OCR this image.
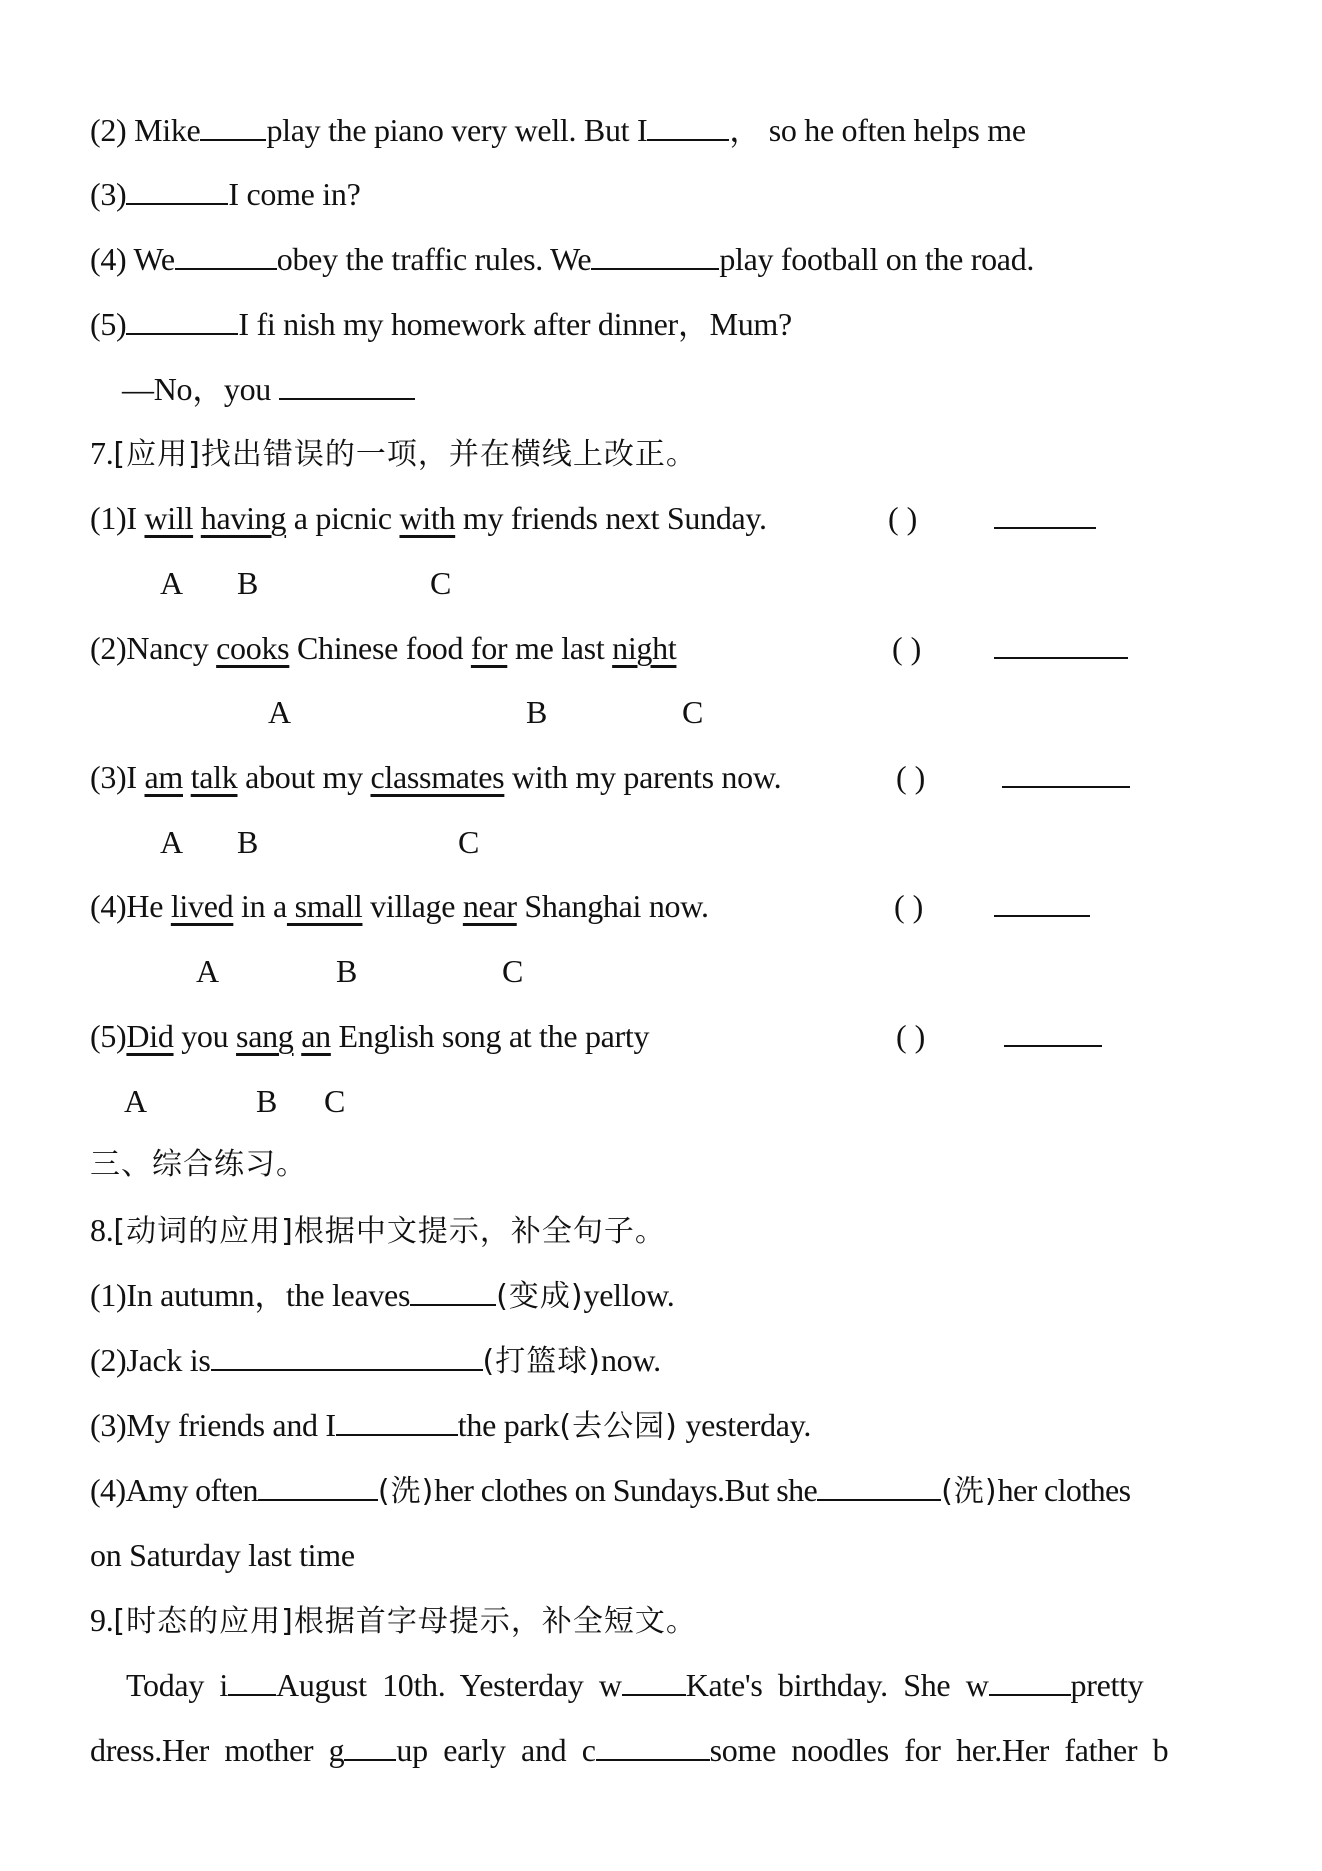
(2) Mike play the piano very well. But I	， so he often helps me
(3)	I come in?
(4) We	obey the traffic rules. We	play football on the road.
(5)	I fi nish my homework after dinner，Mum?
—No，you
7.[应用]找出错误的一项，并在横线上改正。
(1)I will having a picnic with my friends next Sunday.	( )
A B	C
(2)Nancy cooks Chinese food for me last night	( )
A	B	C
(3)I am talk about my classmates with my parents now.	( )
A B	C
(4)He lived in a small village near Shanghai now.	( )
A	B	C
(5)Did you sang an English song at the party	( )
A	B C
三、综合练习。
8.[动词的应用]根据中文提示，补全句子。
(1)In autumn，the leaves	(变成)yellow.
(2)Jack is	(打篮球)now.
(3)My friends and I	the park(去公园) yesterday.
(4)Amy often	(洗)her clothes on Sundays.But she	(洗)her clothes
on Saturday last time
9.[时态的应用]根据首字母提示，补全短文。
Today  i August  10th.  Yesterday  w Kate's  birthday.  She  w	pretty
dress.Her  mother  g up  early  and  c	some  noodles  for  her.Her  father  b
